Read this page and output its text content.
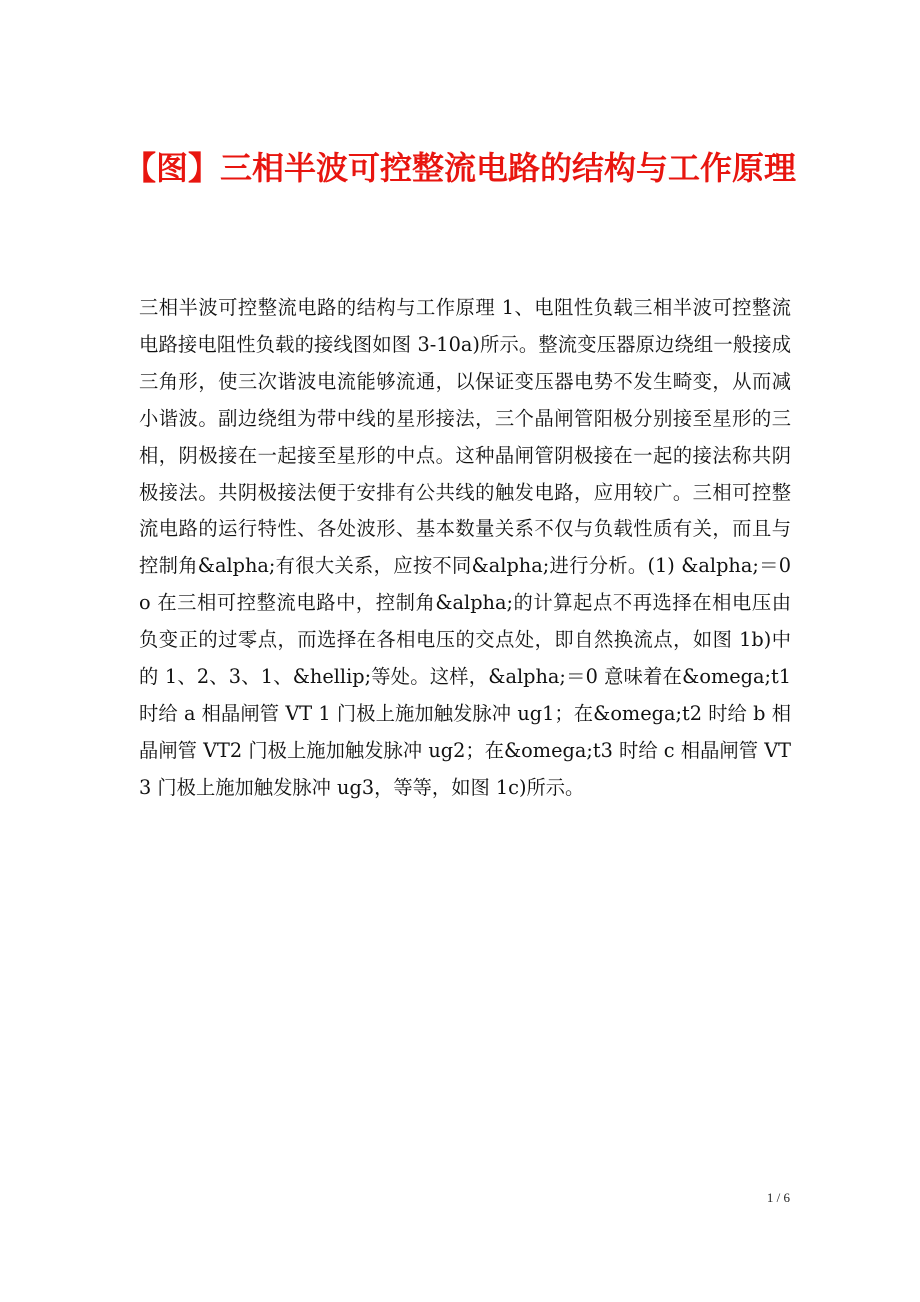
【图】三相半波可控整流电路的结构与工作原理

三相半波可控整流电路的结构与工作原理 1、电阻性负载三相半波可控整流电路接电阻性负载的接线图如图 3-10a)所示。整流变压器原边绕组一般接成三角形，使三次谐波电流能够流通，以保证变压器电势不发生畸变，从而减小谐波。副边绕组为带中线的星形接法，三个晶闸管阳极分别接至星形的三相，阴极接在一起接至星形的中点。这种晶闸管阴极接在一起的接法称共阴极接法。共阴极接法便于安排有公共线的触发电路，应用较广。三相可控整流电路的运行特性、各处波形、基本数量关系不仅与负载性质有关，而且与控制角&alpha;有很大关系，应按不同&alpha;进行分析。(1) &alpha;＝0o 在三相可控整流电路中，控制角&alpha;的计算起点不再选择在相电压由负变正的过零点，而选择在各相电压的交点处，即自然换流点，如图 1b)中的 1、2、3、1、&hellip;等处。这样，&alpha;＝0 意味着在&omega;t1 时给 a 相晶闸管 VT 1 门极上施加触发脉冲 ug1；在&omega;t2 时给 b 相晶闸管 VT2 门极上施加触发脉冲 ug2；在&omega;t3 时给 c 相晶闸管 VT3 门极上施加触发脉冲 ug3，等等，如图 1c)所示。

1 / 6
